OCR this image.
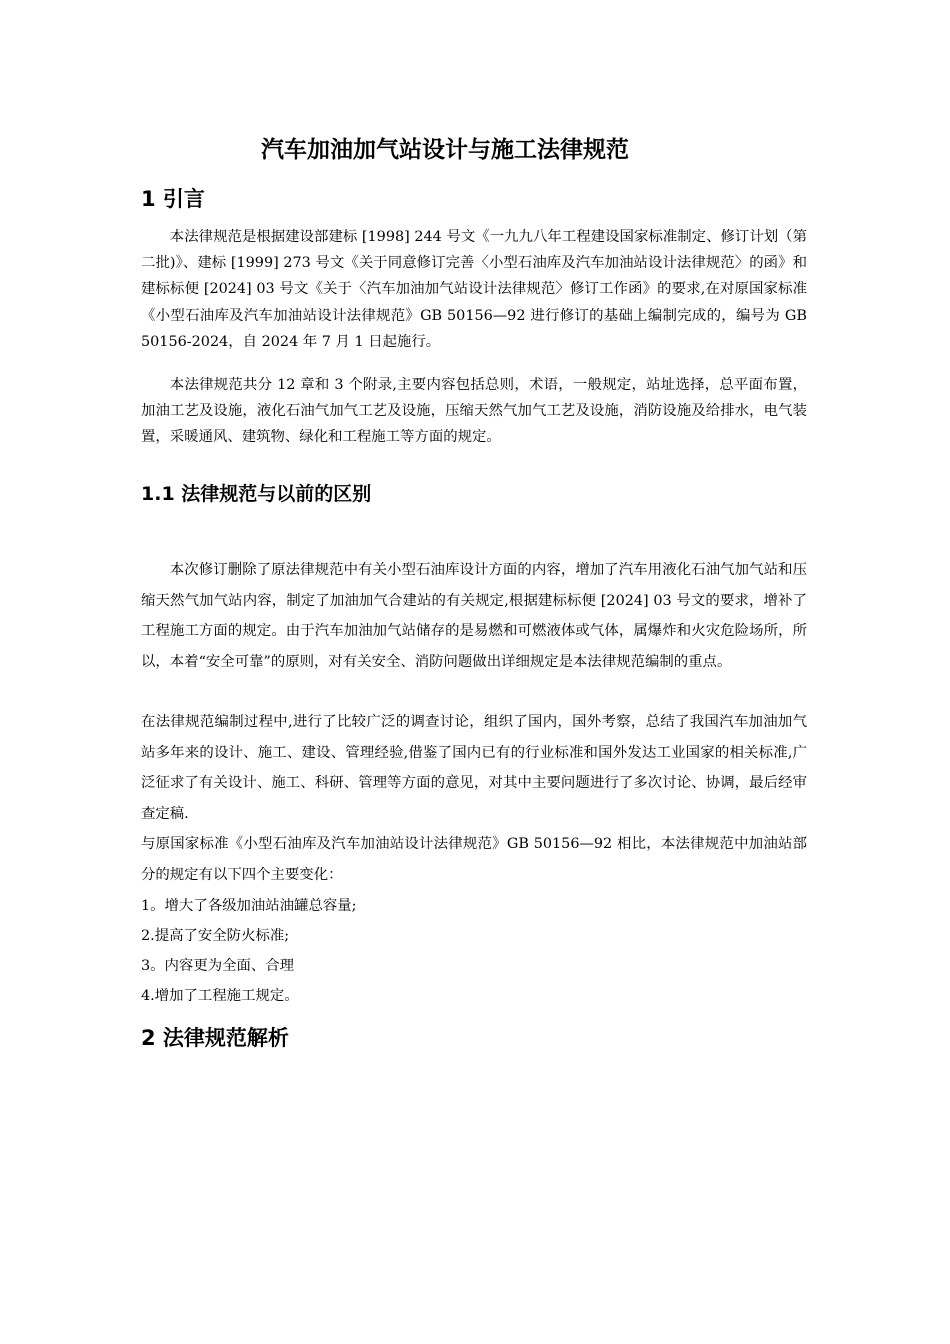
汽车加油加气站设计与施工法律规范
1 引言

本法律规范是根据建设部建标 [1998] 244 号文《一九九八年工程建设国家标准制定、修订计划（第二批)》、建标 [1999] 273 号文《关于同意修订完善〈小型石油库及汽车加油站设计法律规范〉的函》和建标标便 [2024] 03 号文《关于〈汽车加油加气站设计法律规范〉修订工作函》的要求,在对原国家标准《小型石油库及汽车加油站设计法律规范》GB 50156—92 进行修订的基础上编制完成的，编号为 GB 50156-2024，自 2024 年 7 月 1 日起施行。

本法律规范共分 12 章和 3 个附录,主要内容包括总则，术语，一般规定，站址选择，总平面布置，加油工艺及设施，液化石油气加气工艺及设施，压缩天然气加气工艺及设施，消防设施及给排水，电气装置，采暖通风、建筑物、绿化和工程施工等方面的规定。

1.1 法律规范与以前的区别

本次修订删除了原法律规范中有关小型石油库设计方面的内容，增加了汽车用液化石油气加气站和压缩天然气加气站内容，制定了加油加气合建站的有关规定,根据建标标便 [2024] 03 号文的要求，增补了工程施工方面的规定。由于汽车加油加气站储存的是易燃和可燃液体或气体，属爆炸和火灾危险场所，所以，本着“安全可靠”的原则，对有关安全、消防问题做出详细规定是本法律规范编制的重点。

在法律规范编制过程中,进行了比较广泛的调查讨论，组织了国内，国外考察，总结了我国汽车加油加气站多年来的设计、施工、建设、管理经验,借鉴了国内已有的行业标准和国外发达工业国家的相关标准,广泛征求了有关设计、施工、科研、管理等方面的意见，对其中主要问题进行了多次讨论、协调，最后经审查定稿.

与原国家标准《小型石油库及汽车加油站设计法律规范》GB 50156—92 相比，本法律规范中加油站部分的规定有以下四个主要变化：

1。增大了各级加油站油罐总容量;

2.提高了安全防火标准;

3。内容更为全面、合理

4.增加了工程施工规定。

2 法律规范解析
